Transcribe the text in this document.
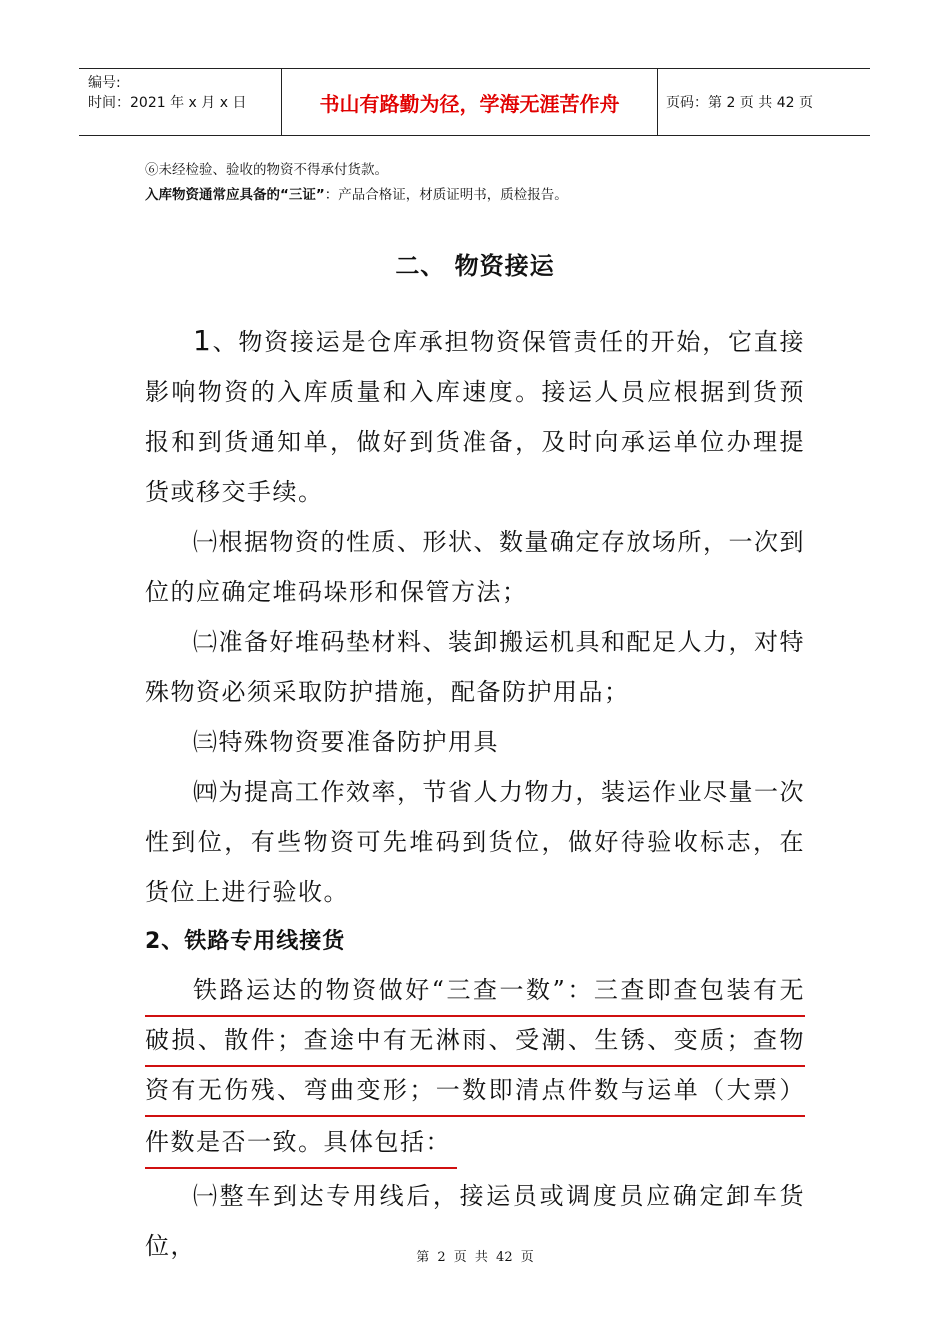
编号:
时间：2021 年 x 月 x 日	书山有路勤为径，学海无涯苦作舟	页码：第 2 页 共 42 页
⑥未经检验、验收的物资不得承付货款。
入库物资通常应具备的“三证”：产品合格证，材质证明书，质检报告。
二、 物资接运

1、物资接运是仓库承担物资保管责任的开始，它直接影响物资的入库质量和入库速度。接运人员应根据到货预报和到货通知单，做好到货准备，及时向承运单位办理提货或移交手续。

㈠根据物资的性质、形状、数量确定存放场所，一次到位的应确定堆码垛形和保管方法；

㈡准备好堆码垫材料、装卸搬运机具和配足人力，对特殊物资必须采取防护措施，配备防护用品；

㈢特殊物资要准备防护用具

㈣为提高工作效率，节省人力物力，装运作业尽量一次性到位，有些物资可先堆码到货位，做好待验收标志，在货位上进行验收。

2、铁路专用线接货

铁路运达的物资做好“三查一数”：三查即查包装有无
破损、散件；查途中有无淋雨、受潮、生锈、变质；查物
资有无伤残、弯曲变形；一数即清点件数与运单（大票）
件数是否一致。具体包括：

㈠整车到达专用线后，接运员或调度员应确定卸车货位，	第 2 页 共 42 页
